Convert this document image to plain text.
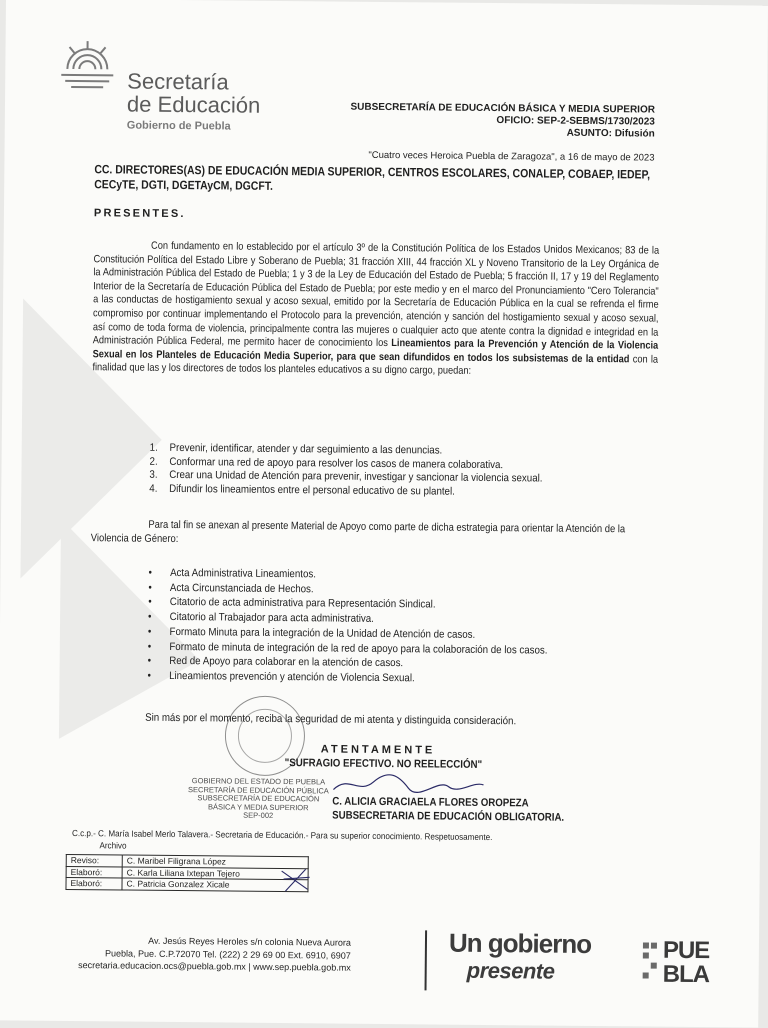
Secretaría
de Educación
Gobierno de Puebla
SUBSECRETARÍA DE EDUCACIÓN BÁSICA Y MEDIA SUPERIOR
OFICIO: SEP-2-SEBMS/1730/2023
ASUNTO: Difusión
"Cuatro veces Heroica Puebla de Zaragoza", a 16 de mayo de 2023
CC. DIRECTORES(AS) DE EDUCACIÓN MEDIA SUPERIOR, CENTROS ESCOLARES, CONALEP, COBAEP, IEDEP, CECyTE, DGTI, DGETAyCM, DGCFT.
PRESENTES.
Con fundamento en lo establecido por el artículo 3º de la Constitución Política de los Estados Unidos Mexicanos; 83 de la Constitución Política del Estado Libre y Soberano de Puebla; 31 fracción XIII, 44 fracción XL y Noveno Transitorio de la Ley Orgánica de la Administración Pública del Estado de Puebla; 1 y 3 de la Ley de Educación del Estado de Puebla; 5 fracción II, 17 y 19 del Reglamento Interior de la Secretaría de Educación Pública del Estado de Puebla; por este medio y en el marco del Pronunciamiento "Cero Tolerancia" a las conductas de hostigamiento sexual y acoso sexual, emitido por la Secretaría de Educación Pública en la cual se refrenda el firme compromiso por continuar implementando el Protocolo para la prevención, atención y sanción del hostigamiento sexual y acoso sexual, así como de toda forma de violencia, principalmente contra las mujeres o cualquier acto que atente contra la dignidad e integridad en la Administración Pública Federal, me permito hacer de conocimiento los Lineamientos para la Prevención y Atención de la Violencia Sexual en los Planteles de Educación Media Superior, para que sean difundidos en todos los subsistemas de la entidad con la finalidad que las y los directores de todos los planteles educativos a su digno cargo, puedan:
1. Prevenir, identificar, atender y dar seguimiento a las denuncias.
2. Conformar una red de apoyo para resolver los casos de manera colaborativa.
3. Crear una Unidad de Atención para prevenir, investigar y sancionar la violencia sexual.
4. Difundir los lineamientos entre el personal educativo de su plantel.
Para tal fin se anexan al presente Material de Apoyo como parte de dicha estrategia para orientar la Atención de la Violencia de Género:
• Acta Administrativa Lineamientos.
• Acta Circunstanciada de Hechos.
• Citatorio de acta administrativa para Representación Sindical.
• Citatorio al Trabajador para acta administrativa.
• Formato Minuta para la integración de la Unidad de Atención de casos.
• Formato de minuta de integración de la red de apoyo para la colaboración de los casos.
• Red de Apoyo para colaborar en la atención de casos.
• Lineamientos prevención y atención de Violencia Sexual.
Sin más por el momento, reciba la seguridad de mi atenta y distinguida consideración.
ATENTAMENTE
"SUFRAGIO EFECTIVO. NO REELECCIÓN"
GOBIERNO DEL ESTADO DE PUEBLA
SECRETARÍA DE EDUCACIÓN PÚBLICA
SUBSECRETARÍA DE EDUCACIÓN
BÁSICA Y MEDIA SUPERIOR
SEP-002
C. ALICIA GRACIAELA FLORES OROPEZA
SUBSECRETARIA DE EDUCACIÓN OBLIGATORIA.
C.c.p.- C. María Isabel Merlo Talavera.- Secretaria de Educación.- Para su superior conocimiento. Respetuosamente.
Archivo
Reviso:	C. Maribel Filigrana López
Elaboró:	C. Karla Liliana Ixtepan Tejero
Elaboró:	C. Patricia Gonzalez Xicale
Av. Jesús Reyes Heroles s/n colonia Nueva Aurora
Puebla, Pue. C.P.72070 Tel. (222) 2 29 69 00 Ext. 6910, 6907
secretaria.educacion.ocs@puebla.gob.mx | www.sep.puebla.gob.mx
Un gobierno
presente
PUE
BLA
